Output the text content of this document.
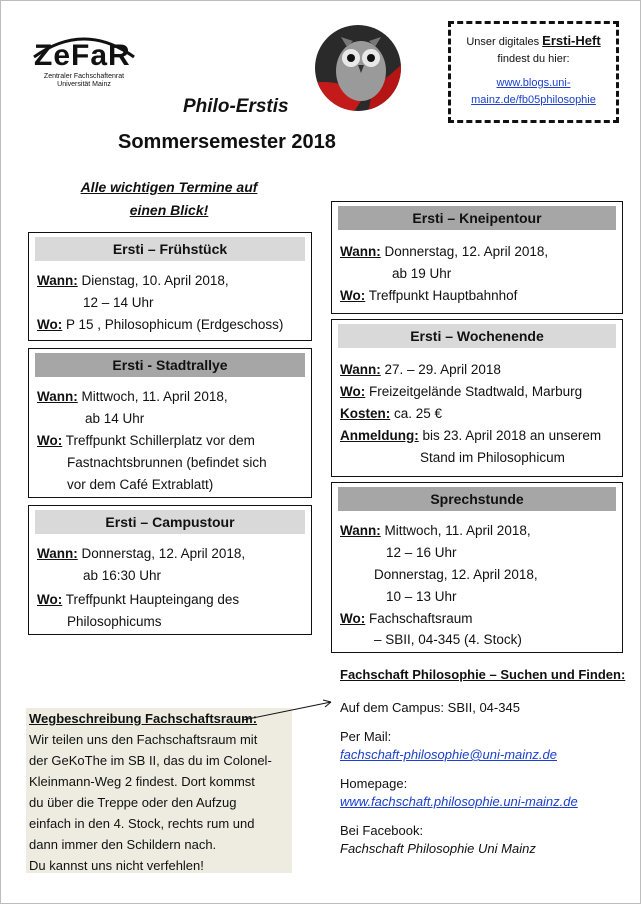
ZeFaR
Zentraler Fachschaftenrat
Universität Mainz
Philo-Erstis
Sommersemester 2018
Unser digitales Ersti-Heft
findest du hier:
www.blogs.uni-
mainz.de/fb05philosophie
Alle wichtigen Termine auf
einen Blick!
Ersti – Frühstück
Wann: Dienstag, 10. April 2018,
12 – 14 Uhr
Wo: P 15 , Philosophicum (Erdgeschoss)
Ersti - Stadtrallye
Wann: Mittwoch, 11. April 2018,
ab 14 Uhr
Wo: Treffpunkt Schillerplatz vor dem
Fastnachtsbrunnen (befindet sich
vor dem Café Extrablatt)
Ersti – Campustour
Wann: Donnerstag, 12. April 2018,
ab 16:30 Uhr
Wo: Treffpunkt Haupteingang des
Philosophicums
Ersti – Kneipentour
Wann: Donnerstag, 12. April 2018,
ab 19 Uhr
Wo: Treffpunkt Hauptbahnhof
Ersti – Wochenende
Wann: 27. – 29. April 2018
Wo: Freizeitgelände Stadtwald, Marburg
Kosten: ca. 25 €
Anmeldung: bis 23. April 2018 an unserem
Stand im Philosophicum
Sprechstunde
Wann: Mittwoch, 11. April 2018,
12 – 16 Uhr
Donnerstag, 12. April 2018,
10 – 13 Uhr
Wo: Fachschaftsraum
– SBII, 04-345 (4. Stock)
Wegbeschreibung Fachschaftsraum:
Wir teilen uns den Fachschaftsraum mit
der GeKoThe im SB II, das du im Colonel-
Kleinmann-Weg 2 findest. Dort kommst
du über die Treppe oder den Aufzug
einfach in den 4. Stock, rechts rum und
dann immer den Schildern nach.
Du kannst uns nicht verfehlen!
Fachschaft Philosophie – Suchen und Finden:
Auf dem Campus: SBII, 04-345
Per Mail:
fachschaft-philosophie@uni-mainz.de
Homepage:
www.fachschaft.philosophie.uni-mainz.de
Bei Facebook:
Fachschaft Philosophie Uni Mainz
